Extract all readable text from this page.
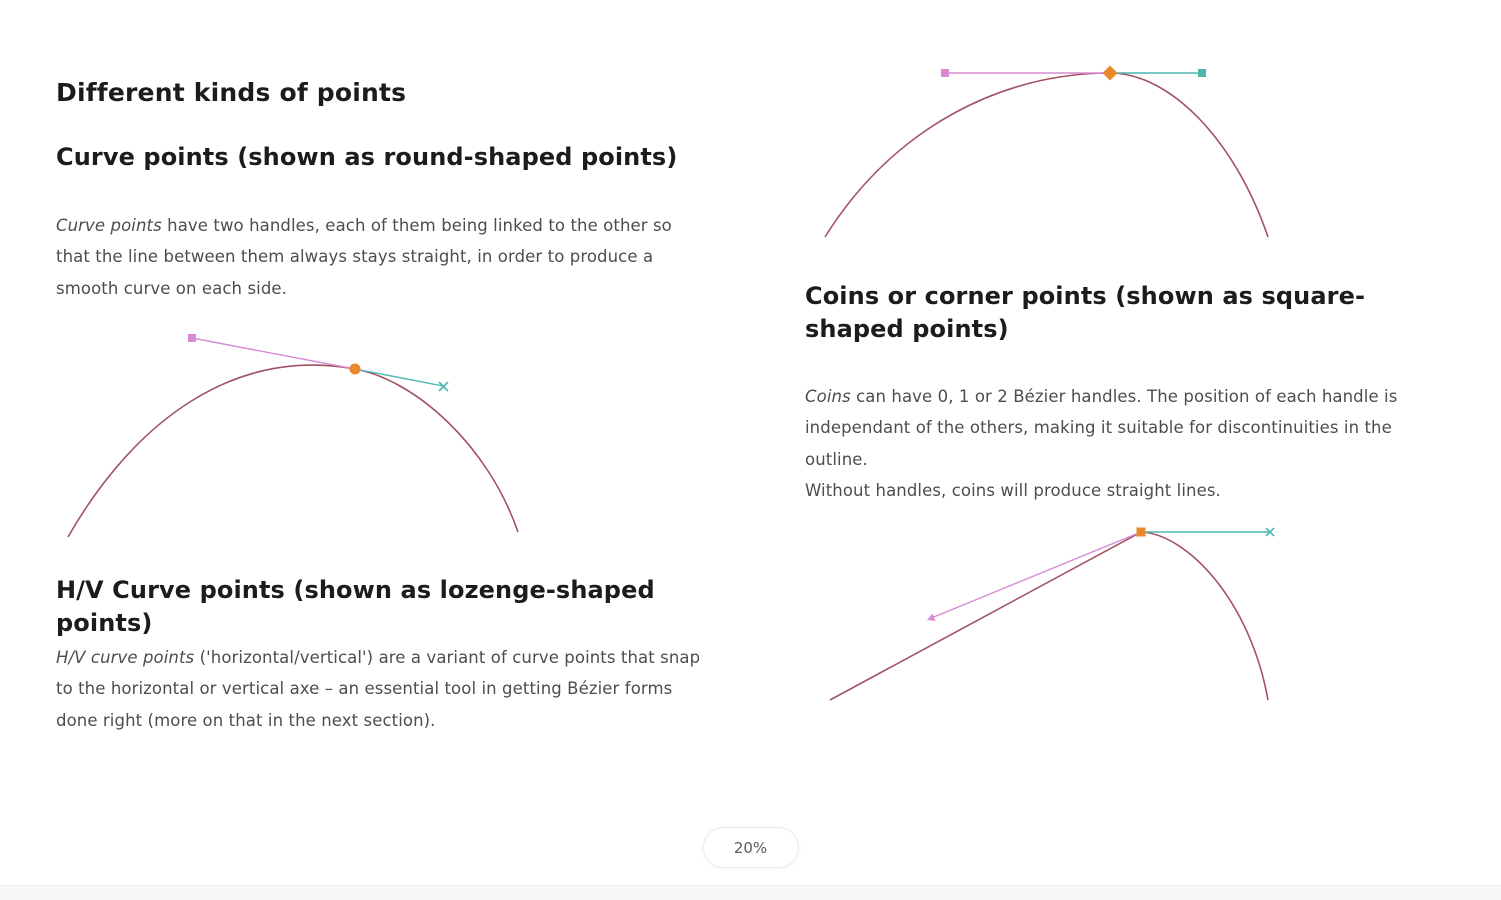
Different kinds of points
Curve points (shown as round-shaped points)

Curve points have two handles, each of them being linked to the other so that the line between them always stays straight, in order to produce a smooth curve on each side.

H/V Curve points (shown as lozenge-shaped points)

H/V curve points ('horizontal/vertical') are a variant of curve points that snap to the horizontal or vertical axe – an essential tool in getting Bézier forms done right (more on that in the next section).

Coins or corner points (shown as square-shaped points)

Coins can have 0, 1 or 2 Bézier handles. The position of each handle is independant of the others, making it suitable for discontinuities in the outline.
Without handles, coins will produce straight lines.

20%
